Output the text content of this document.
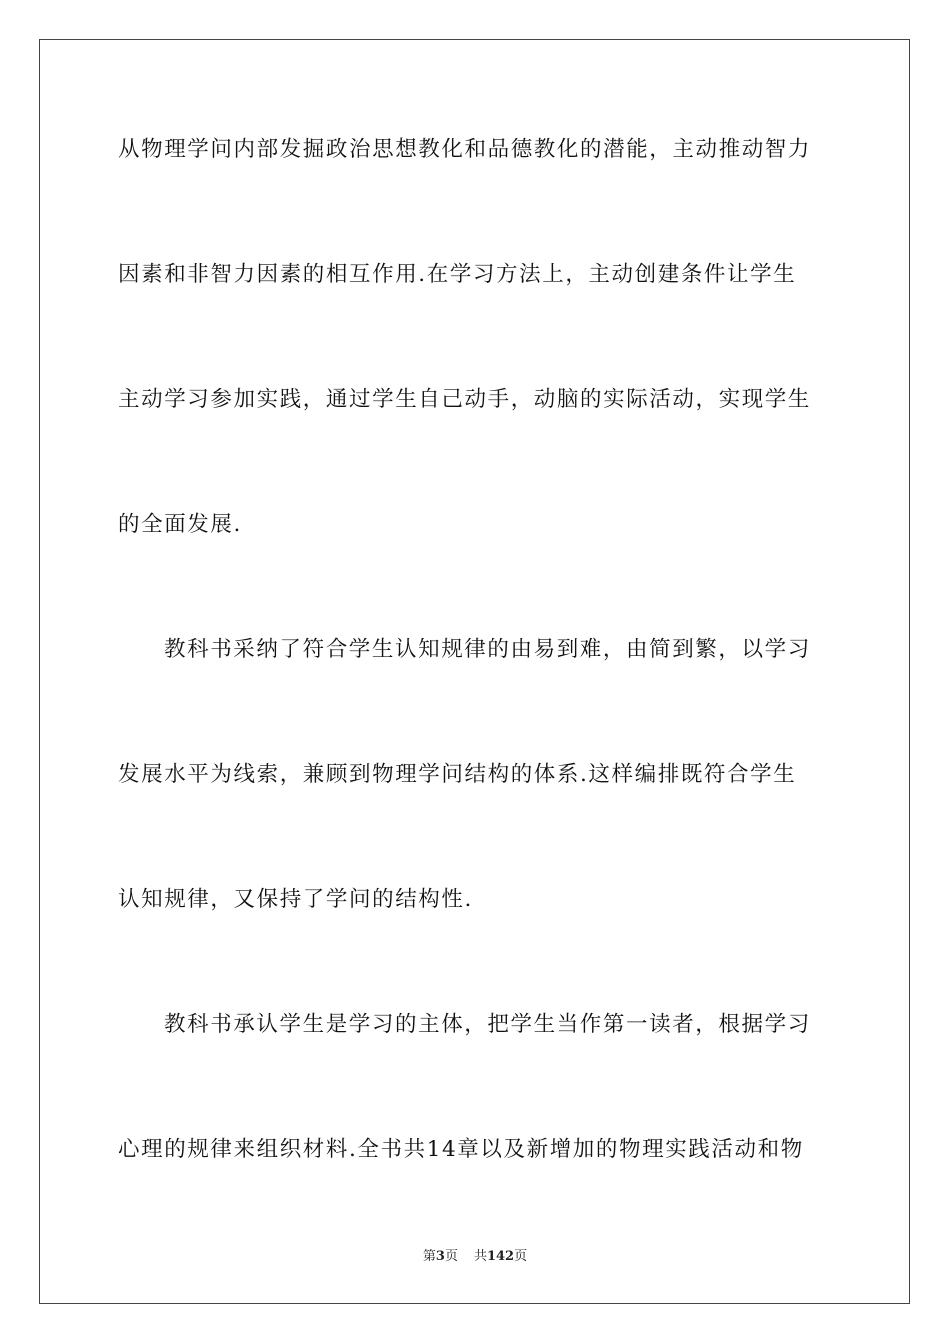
从物理学问内部发掘政治思想教化和品德教化的潜能，主动推动智力
因素和非智力因素的相互作用.在学习方法上，主动创建条件让学生
主动学习参加实践，通过学生自己动手，动脑的实际活动，实现学生
的全面发展.
教科书采纳了符合学生认知规律的由易到难，由简到繁，以学习
发展水平为线索，兼顾到物理学问结构的体系.这样编排既符合学生
认知规律，又保持了学问的结构性.
教科书承认学生是学习的主体，把学生当作第一读者，根据学习
心理的规律来组织材料.全书共14章以及新增加的物理实践活动和物
第3页 共142页
